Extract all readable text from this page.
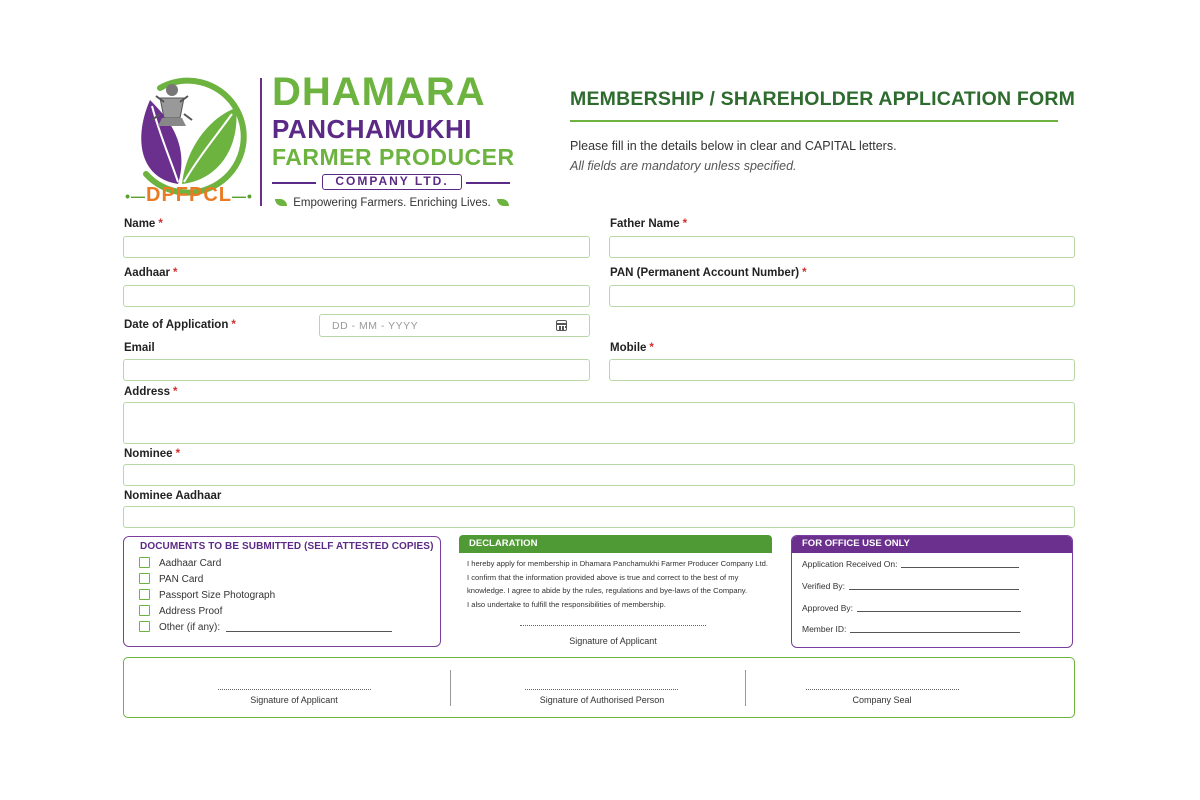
DHAMARA
PANCHAMUKHI
FARMER PRODUCER
COMPANY LTD.
•—DPFPCL—•	Empowering Farmers. Enriching Lives.
MEMBERSHIP / SHAREHOLDER APPLICATION FORM
Please fill in the details below in clear and CAPITAL letters.
All fields are mandatory unless specified.
Name *	Father Name *
Aadhaar *	PAN (Permanent Account Number) *
Date of Application *	DD - MM - YYYY
Email	Mobile *
Address *
Nominee *
Nominee Aadhaar
DOCUMENTS TO BE SUBMITTED (SELF ATTESTED COPIES)
Aadhaar Card
PAN Card
Passport Size Photograph
Address Proof
Other (if any):
DECLARATION
I hereby apply for membership in Dhamara Panchamukhi Farmer Producer Company Ltd.
I confirm that the information provided above is true and correct to the best of my
knowledge. I agree to abide by the rules, regulations and bye-laws of the Company.
I also undertake to fulfill the responsibilities of membership.
Signature of Applicant
FOR OFFICE USE ONLY
Application Received On:
Verified By:
Approved By:
Member ID:
Signature of Applicant	Signature of Authorised Person	Company Seal
